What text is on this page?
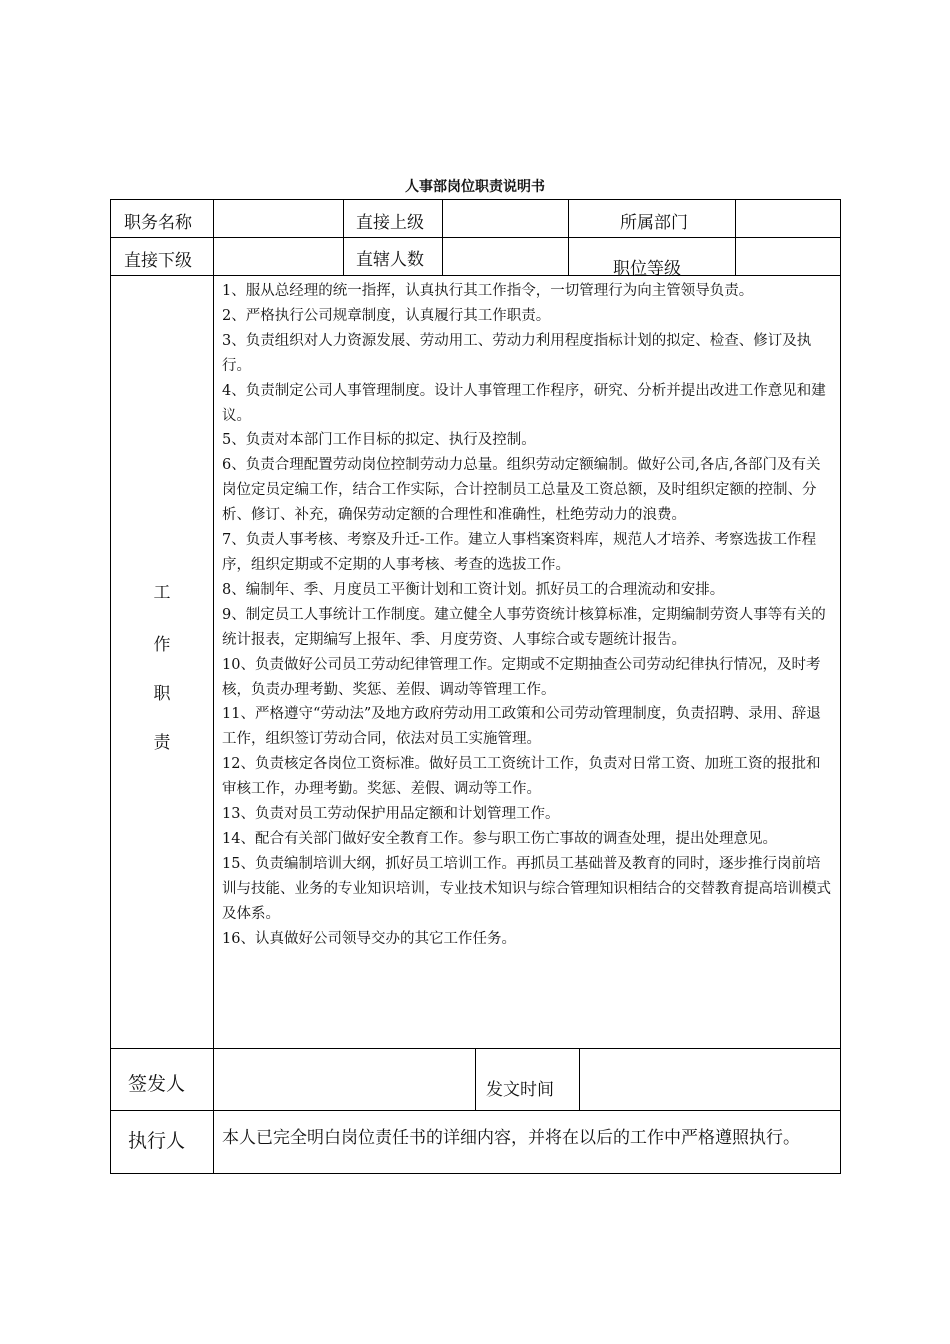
人事部岗位职责说明书
职务名称	直接上级	所属部门
直接下级	直辖人数	职位等级
工
作
职
责

1、服从总经理的统一指挥，认真执行其工作指令，一切管理行为向主管领导负责。

2、严格执行公司规章制度，认真履行其工作职责。

3、负责组织对人力资源发展、劳动用工、劳动力利用程度指标计划的拟定、检查、修订及执行。

4、负责制定公司人事管理制度。设计人事管理工作程序，研究、分析并提出改进工作意见和建议。

5、负责对本部门工作目标的拟定、执行及控制。

6、负责合理配置劳动岗位控制劳动力总量。组织劳动定额编制。做好公司,各店,各部门及有关岗位定员定编工作，结合工作实际，合计控制员工总量及工资总额，及时组织定额的控制、分析、修订、补充，确保劳动定额的合理性和准确性，杜绝劳动力的浪费。

7、负责人事考核、考察及升迁-工作。建立人事档案资料库，规范人才培养、考察选拔工作程序，组织定期或不定期的人事考核、考查的选拔工作。

8、编制年、季、月度员工平衡计划和工资计划。抓好员工的合理流动和安排。

9、制定员工人事统计工作制度。建立健全人事劳资统计核算标准，定期编制劳资人事等有关的统计报表，定期编写上报年、季、月度劳资、人事综合或专题统计报告。

10、负责做好公司员工劳动纪律管理工作。定期或不定期抽查公司劳动纪律执行情况，及时考核，负责办理考勤、奖惩、差假、调动等管理工作。

11、严格遵守“劳动法”及地方政府劳动用工政策和公司劳动管理制度，负责招聘、录用、辞退工作，组织签订劳动合同，依法对员工实施管理。

12、负责核定各岗位工资标准。做好员工工资统计工作，负责对日常工资、加班工资的报批和审核工作，办理考勤。奖惩、差假、调动等工作。

13、负责对员工劳动保护用品定额和计划管理工作。

14、配合有关部门做好安全教育工作。参与职工伤亡事故的调查处理，提出处理意见。

15、负责编制培训大纲，抓好员工培训工作。再抓员工基础普及教育的同时，逐步推行岗前培训与技能、业务的专业知识培训，专业技术知识与综合管理知识相结合的交替教育提高培训模式及体系。

16、认真做好公司领导交办的其它工作任务。

签发人	发文时间
执行人 本人已完全明白岗位责任书的详细内容，并将在以后的工作中严格遵照执行。
